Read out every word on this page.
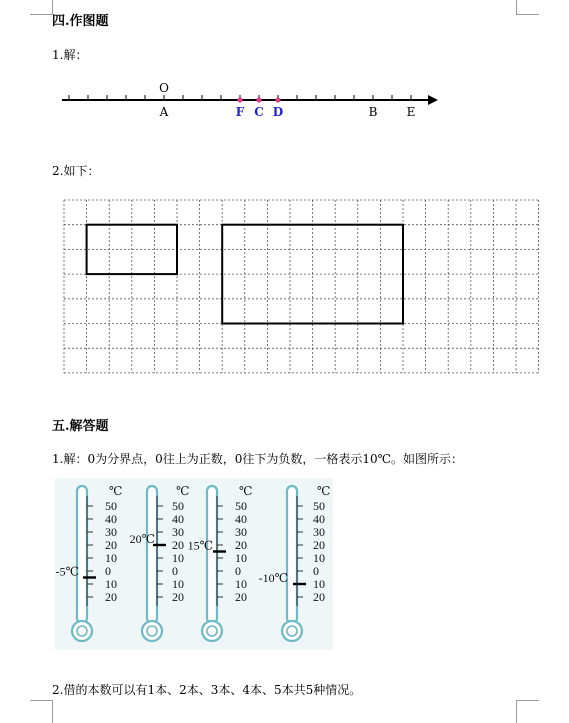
四.作图题
1.解：
O
A	F C D	B E
2.如下：
五.解答题
1.解：0为分界点，0往上为正数，0往下为负数，一格表示10℃。如图所示：
℃
50
40
30
20
10
0
10
20
-5℃
℃
50
40
30
20
10
0
10
20
20℃
℃
50
40
30
20
10
0
10
20
15℃
℃
50
40
30
20
10
0
10
20
-10℃
2.借的本数可以有1本、2本、3本、4本、5本共5种情况。
